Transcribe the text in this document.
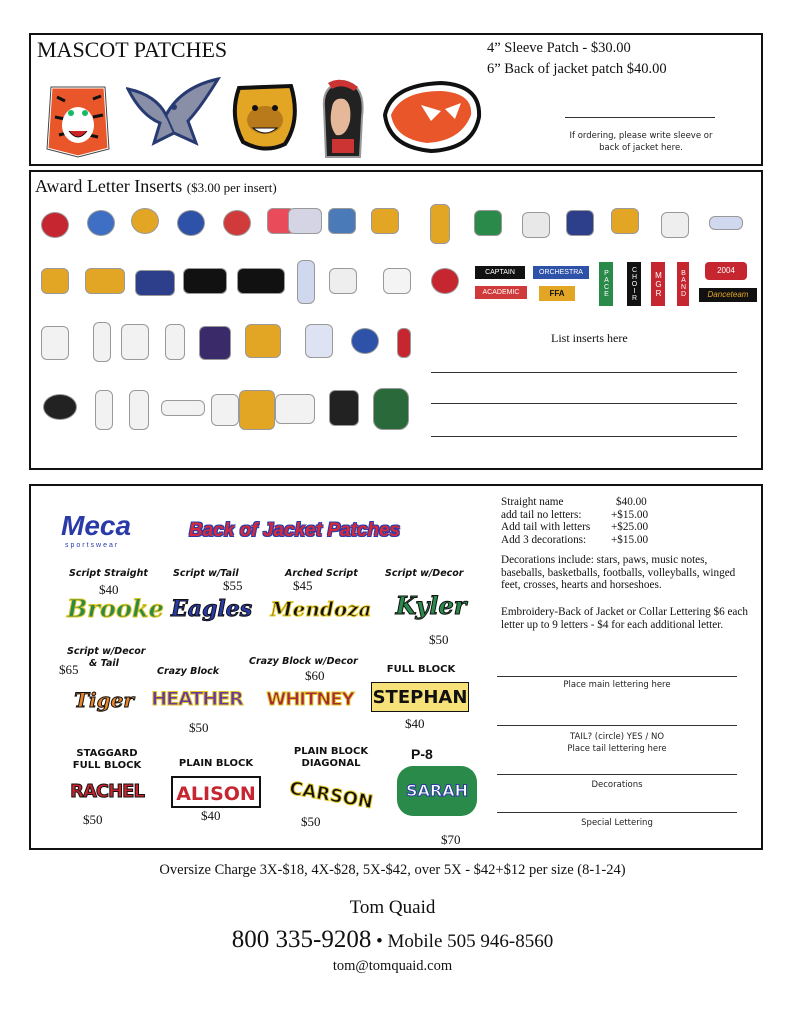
MASCOT PATCHES	4” Sleeve Patch - $30.00
6” Back of jacket patch $40.00
If ordering, please write sleeve or
back of jacket here.
Award Letter Inserts ($3.00 per insert)
List inserts here
CAPTAIN
ACADEMIC
ORCHESTRA
FFA	PACE	CHOIR	MGR	BAND	2004
Danceteam
Meca
sportswear
Back of Jacket Patches
Script Straight
$40
Brooke
Script w/Tail
$55
Eagles
Arched Script
$45
Mendoza
Script w/Decor
Kyler
$50
Script w/Decor
& Tail
$65
Tiger
Crazy Block
HEATHER
$50
Crazy Block w/Decor
$60
WHITNEY
FULL BLOCK
STEPHAN
$40
STAGGARD
FULL BLOCK
RACHEL
$50
PLAIN BLOCK
ALISON
$40
PLAIN BLOCK
DIAGONAL
CARSON
$50
P-8
SARAH
$70
Straight name	$40.00
add tail no letters:	+$15.00
Add tail with letters +$25.00
Add 3 decorations: +$15.00
Decorations include: stars, paws, music notes, baseballs, basketballs, footballs, volleyballs, winged feet, crosses, hearts and horseshoes.
Embroidery-Back of Jacket or Collar Lettering $6 each letter up to 9 letters - $4 for each additional letter.
Place main lettering here
TAIL? (circle) YES / NO
Place tail lettering here
Decorations
Special Lettering
Oversize Charge 3X-$18, 4X-$28, 5X-$42, over 5X - $42+$12 per size (8-1-24)
Tom Quaid
800 335-9208 • Mobile 505 946-8560
tom@tomquaid.com
